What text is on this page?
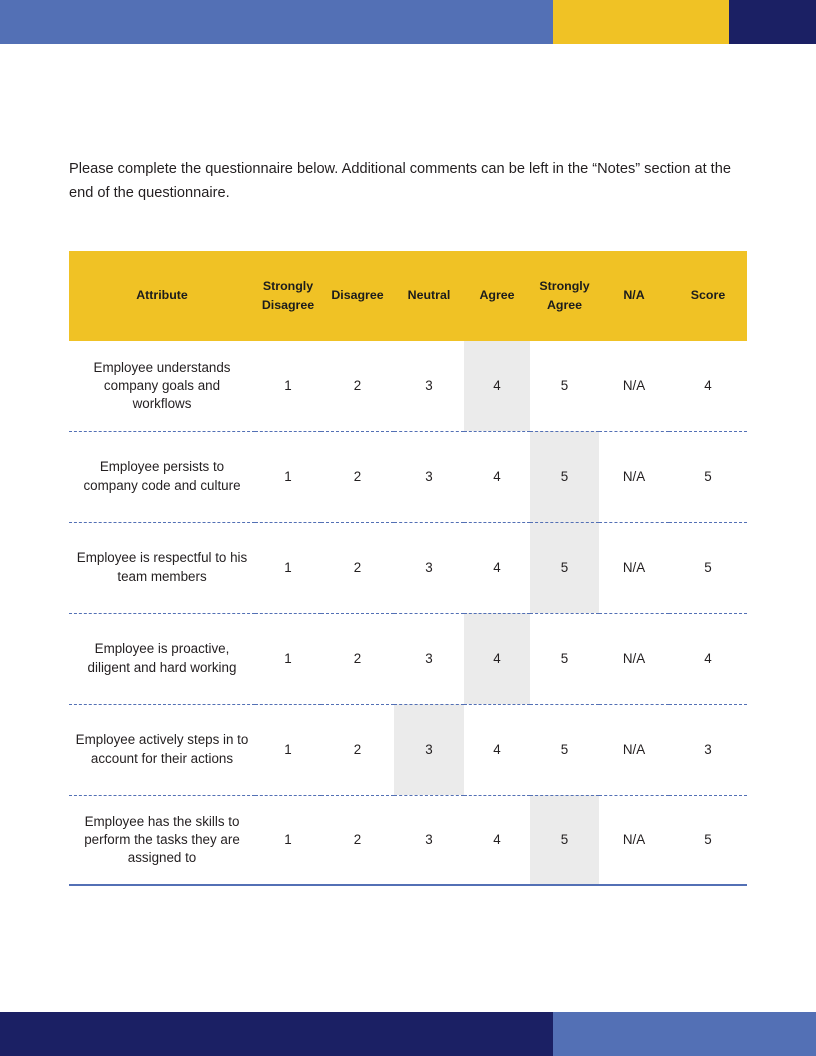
Please complete the questionnaire below. Additional comments can be left in the “Notes” section at the end of the questionnaire.

Attribute	Strongly Disagree	Disagree	Neutral	Agree	Strongly Agree	N/A	Score
Employee understands company goals and workflows	1	2	3	4	5	N/A	4
Employee persists to company code and culture	1	2	3	4	5	N/A	5
Employee is respectful to his team members	1	2	3	4	5	N/A	5
Employee is proactive, diligent and hard working	1	2	3	4	5	N/A	4
Employee actively steps in to account for their actions	1	2	3	4	5	N/A	3
Employee has the skills to perform the tasks they are assigned to	1	2	3	4	5	N/A	5
